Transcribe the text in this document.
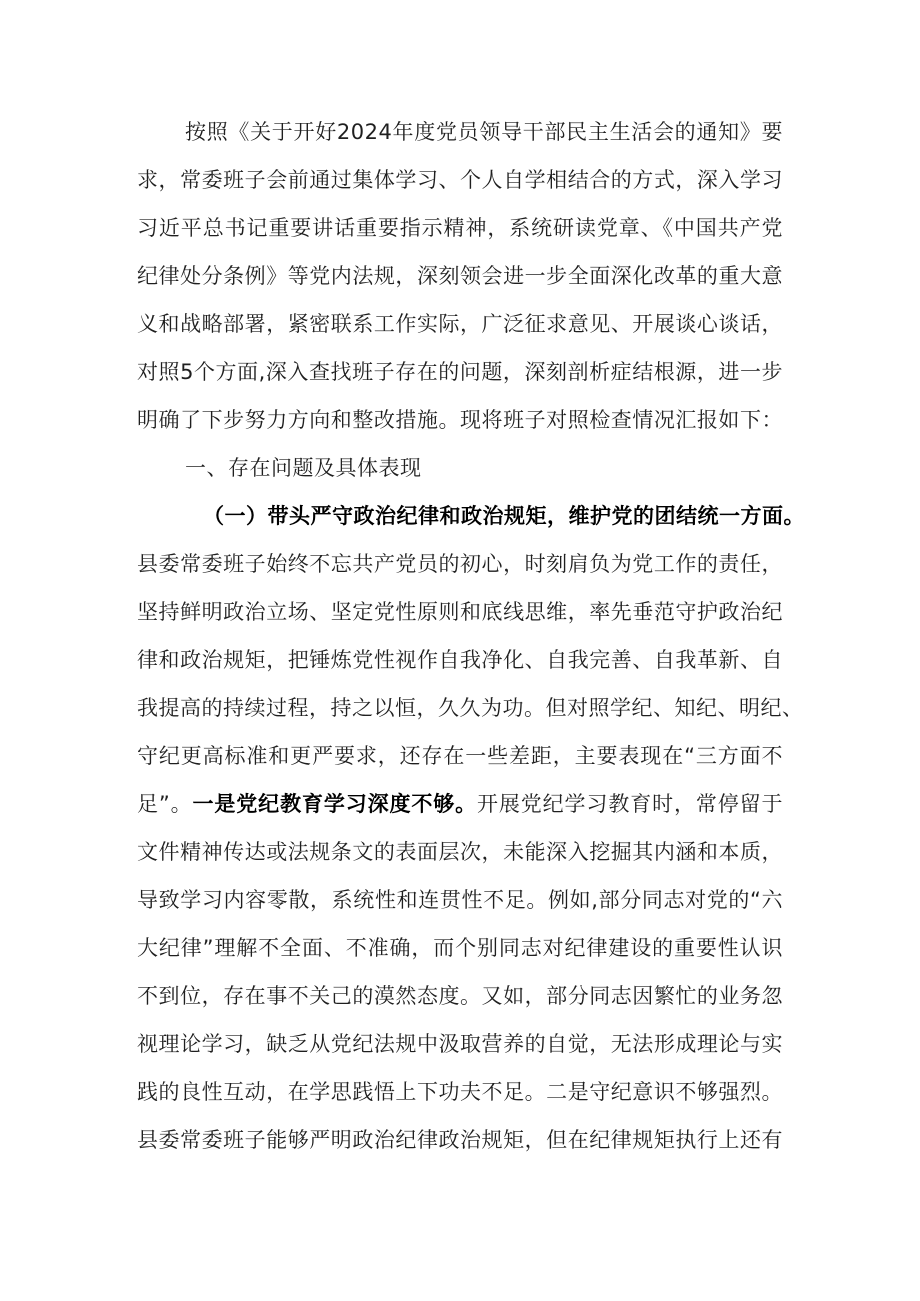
按照《关于开好2024年度党员领导干部民主生活会的通知》要
求，常委班子会前通过集体学习、个人自学相结合的方式，深入学习
习近平总书记重要讲话重要指示精神，系统研读党章、《中国共产党
纪律处分条例》等党内法规，深刻领会进一步全面深化改革的重大意
义和战略部署，紧密联系工作实际，广泛征求意见、开展谈心谈话，
对照5个方面,深入查找班子存在的问题，深刻剖析症结根源，进一步
明确了下步努力方向和整改措施。现将班子对照检查情况汇报如下：
一、存在问题及具体表现
（一）带头严守政治纪律和政治规矩，维护党的团结统一方面。
县委常委班子始终不忘共产党员的初心，时刻肩负为党工作的责任，
坚持鲜明政治立场、坚定党性原则和底线思维，率先垂范守护政治纪
律和政治规矩，把锤炼党性视作自我净化、自我完善、自我革新、自
我提高的持续过程，持之以恒，久久为功。但对照学纪、知纪、明纪、
守纪更高标准和更严要求，还存在一些差距，主要表现在“三方面不
足”。一是党纪教育学习深度不够。开展党纪学习教育时，常停留于
文件精神传达或法规条文的表面层次，未能深入挖掘其内涵和本质，
导致学习内容零散，系统性和连贯性不足。例如,部分同志对党的“六
大纪律”理解不全面、不准确，而个别同志对纪律建设的重要性认识
不到位，存在事不关己的漠然态度。又如，部分同志因繁忙的业务忽
视理论学习，缺乏从党纪法规中汲取营养的自觉，无法形成理论与实
践的良性互动，在学思践悟上下功夫不足。二是守纪意识不够强烈。
县委常委班子能够严明政治纪律政治规矩，但在纪律规矩执行上还有
